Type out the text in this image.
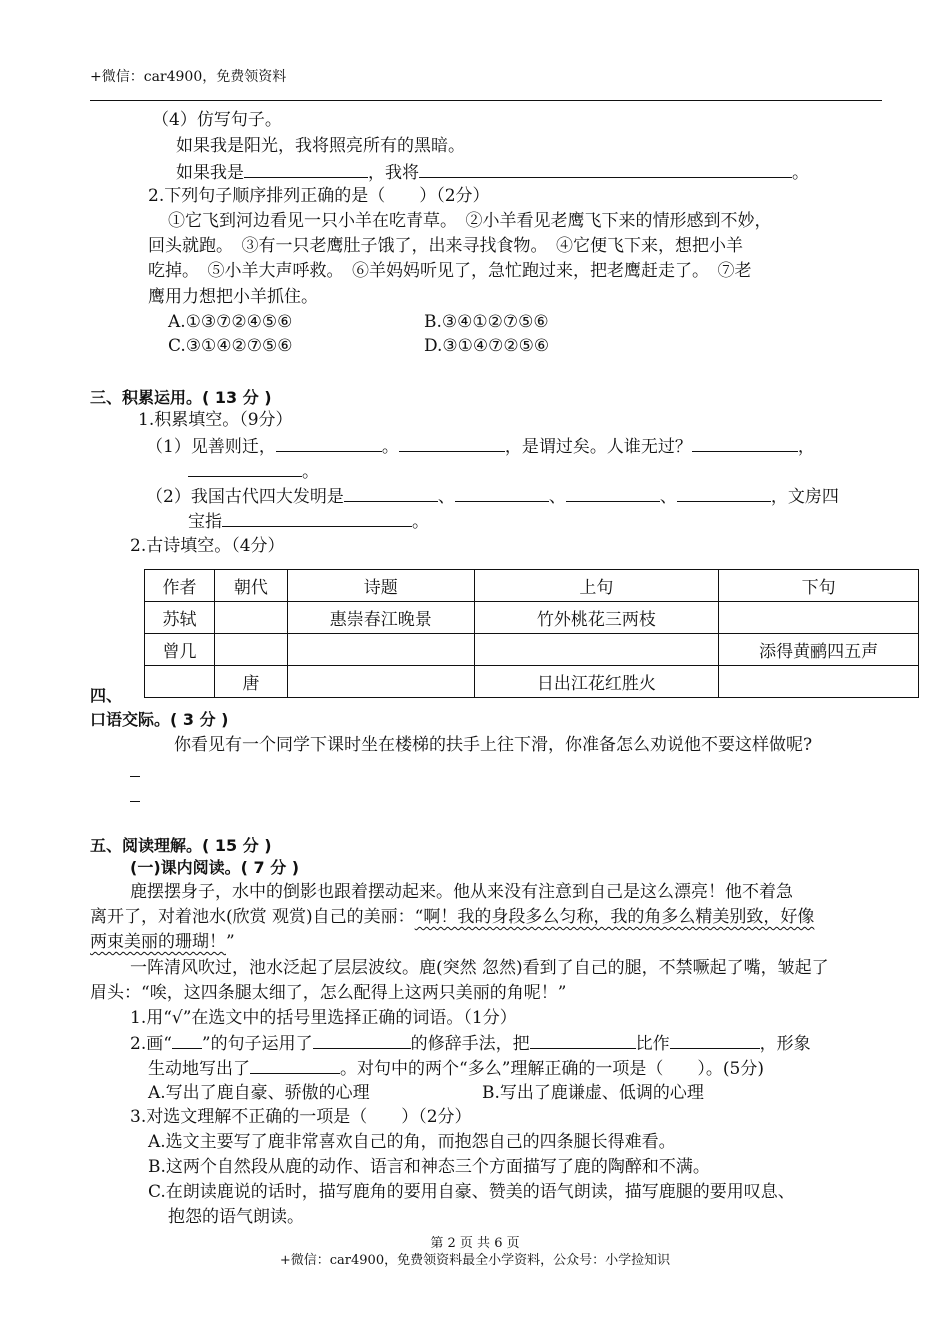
+微信：car4900，免费领资料
（4）仿写句子。
如果我是阳光，我将照亮所有的黑暗。
如果我是	，我将	。
2.下列句子顺序排列正确的是（　　）（2分）
①它飞到河边看见一只小羊在吃青草。　②小羊看见老鹰飞下来的情形感到不妙，
回头就跑。　③有一只老鹰肚子饿了，出来寻找食物。　④它便飞下来，想把小羊
吃掉。　⑤小羊大声呼救。　⑥羊妈妈听见了，急忙跑过来，把老鹰赶走了。　⑦老
鹰用力想把小羊抓住。
A.①③⑦②④⑤⑥	B.③④①②⑦⑤⑥
C.③①④②⑦⑤⑥	D.③①④⑦②⑤⑥
三、积累运用。( 13 分 )
1.积累填空。（9分）
（1）见善则迁，	。	，是谓过矣。人谁无过？	，
。
（2）我国古代四大发明是	、	、	、	，文房四
宝指	。
2.古诗填空。（4分）
作者	朝代	诗题	上句	下句
苏轼		惠崇春江晚景	竹外桃花三两枝	
曾几				添得黄鹂四五声
	唐		日出江花红胜火	
四、
口语交际。( 3 分 )
你看见有一个同学下课时坐在楼梯的扶手上往下滑，你准备怎么劝说他不要这样做呢?
五、阅读理解。( 15 分 )
(一)课内阅读。( 7 分 )
鹿摆摆身子，水中的倒影也跟着摆动起来。他从来没有注意到自己是这么漂亮！他不着急
离开了，对着池水(欣赏 观赏)自己的美丽：“啊！我的身段多么匀称，我的角多么精美别致，好像
两束美丽的珊瑚！”
一阵清风吹过，池水泛起了层层波纹。鹿(突然 忽然)看到了自己的腿，不禁噘起了嘴，皱起了
眉头：“唉，这四条腿太细了，怎么配得上这两只美丽的角呢！”
1.用“√”在选文中的括号里选择正确的词语。（1分）
2.画“ ”的句子运用了	的修辞手法，把	比作	，形象
生动地写出了	。对句中的两个“多么”理解正确的一项是（　　）。(5分)
A.写出了鹿自豪、骄傲的心理	B.写出了鹿谦虚、低调的心理
3.对选文理解不正确的一项是（　　）（2分）
A.选文主要写了鹿非常喜欢自己的角，而抱怨自己的四条腿长得难看。
B.这两个自然段从鹿的动作、语言和神态三个方面描写了鹿的陶醉和不满。
C.在朗读鹿说的话时，描写鹿角的要用自豪、赞美的语气朗读，描写鹿腿的要用叹息、
抱怨的语气朗读。
第 2 页 共 6 页
+微信：car4900，免费领资料最全小学资料，公众号：小学捡知识
